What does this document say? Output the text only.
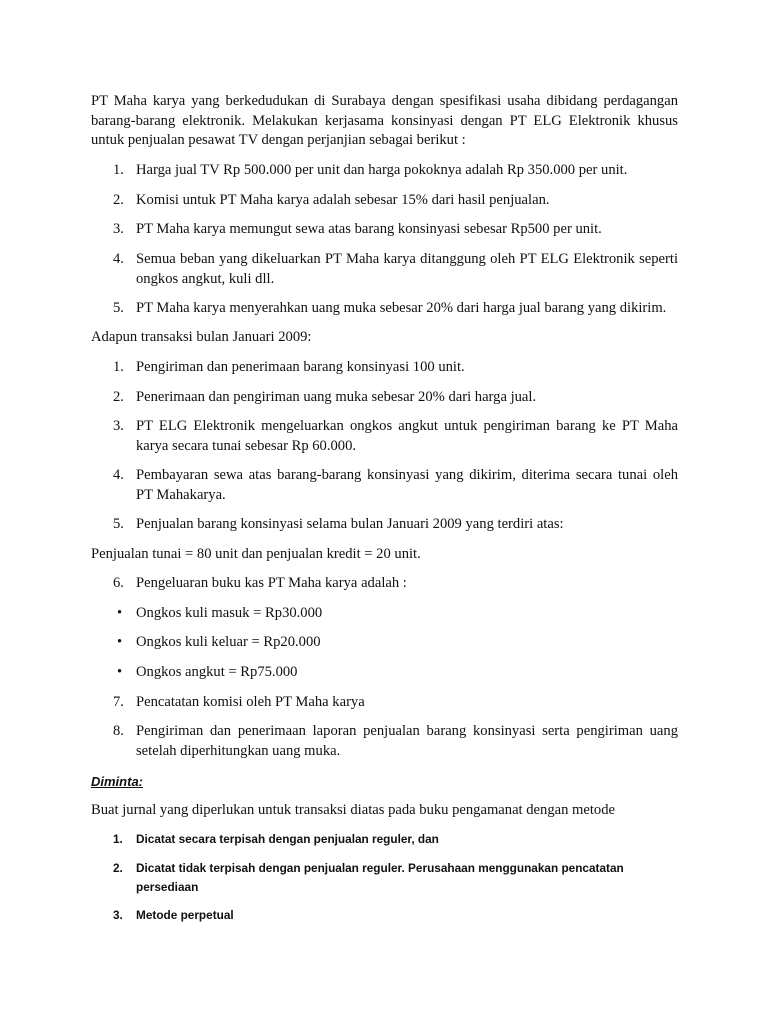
PT Maha karya yang berkedudukan di Surabaya dengan spesifikasi usaha dibidang perdagangan barang-barang elektronik. Melakukan kerjasama konsinyasi dengan PT ELG Elektronik khusus untuk penjualan pesawat TV dengan perjanjian sebagai berikut :
1. Harga jual TV Rp 500.000 per unit dan harga pokoknya adalah Rp 350.000 per unit.
2. Komisi untuk PT Maha karya adalah sebesar 15% dari hasil penjualan.
3. PT Maha karya memungut sewa atas barang konsinyasi sebesar Rp500 per unit.
4. Semua beban yang dikeluarkan PT Maha karya ditanggung oleh PT ELG Elektronik seperti ongkos angkut, kuli dll.
5. PT Maha karya menyerahkan uang muka sebesar 20% dari harga jual barang yang dikirim.
Adapun transaksi bulan Januari 2009:
1. Pengiriman dan penerimaan barang konsinyasi 100 unit.
2. Penerimaan dan pengiriman uang muka sebesar 20% dari harga jual.
3. PT ELG Elektronik mengeluarkan ongkos angkut untuk pengiriman barang ke PT Maha karya secara tunai sebesar Rp 60.000.
4. Pembayaran sewa atas barang-barang konsinyasi yang dikirim, diterima secara tunai oleh PT Mahakarya.
5. Penjualan barang konsinyasi selama bulan Januari 2009 yang terdiri atas:
Penjualan tunai = 80 unit dan penjualan kredit = 20 unit.
6. Pengeluaran buku kas PT Maha karya adalah :
• Ongkos kuli masuk = Rp30.000
• Ongkos kuli keluar = Rp20.000
• Ongkos angkut = Rp75.000
7. Pencatatan komisi oleh PT Maha karya
8. Pengiriman dan penerimaan laporan penjualan barang konsinyasi serta pengiriman uang setelah diperhitungkan uang muka.
Diminta:
Buat jurnal yang diperlukan untuk transaksi diatas pada buku pengamanat dengan metode
1. Dicatat secara terpisah dengan penjualan reguler, dan
2. Dicatat tidak terpisah dengan penjualan reguler. Perusahaan menggunakan pencatatan persediaan
3. Metode perpetual
